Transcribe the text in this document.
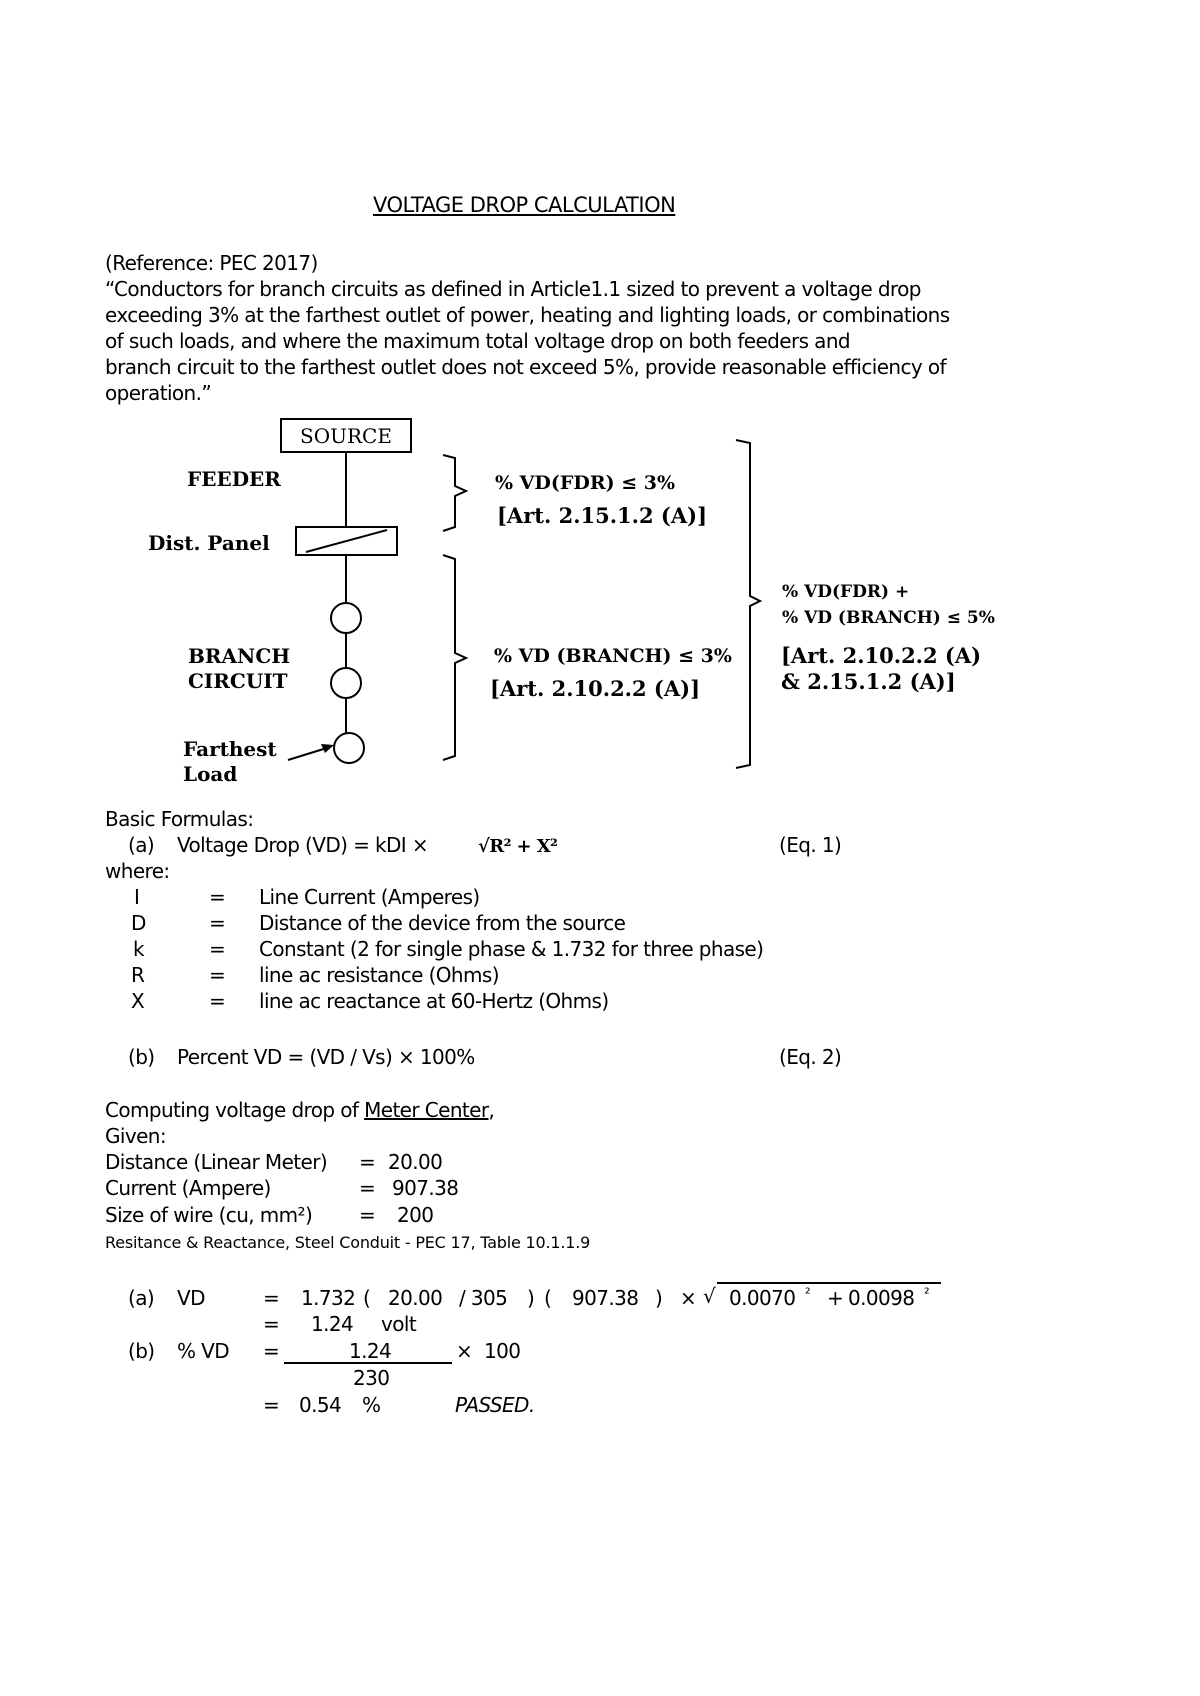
VOLTAGE DROP CALCULATION
(Reference: PEC 2017)
“Conductors for branch circuits as defined in Article1.1 sized to prevent a voltage drop
exceeding 3% at the farthest outlet of power, heating and lighting loads, or combinations
of such loads, and where the maximum total voltage drop on both feeders and
branch circuit to the farthest outlet does not exceed 5%, provide reasonable efficiency of
operation.”
SOURCE
FEEDER
Dist. Panel
BRANCH
CIRCUIT
Farthest
Load
% VD(FDR) ≤ 3%
[Art. 2.15.1.2 (A)]
% VD (BRANCH) ≤ 3%
[Art. 2.10.2.2 (A)]
% VD(FDR) +
% VD (BRANCH) ≤ 5%
[Art. 2.10.2.2 (A)
& 2.15.1.2 (A)]
Basic Formulas:
(a) Voltage Drop (VD) = kDI ×	√R² + X²	(Eq. 1)
where:
I	= Line Current (Amperes)
D	= Distance of the device from the source
k	= Constant (2 for single phase & 1.732 for three phase)
R	= line ac resistance (Ohms)
X	= line ac reactance at 60-Hertz (Ohms)
(b) Percent VD = (VD / Vs) × 100%	(Eq. 2)
Computing voltage drop of Meter Center,
Given:
Distance (Linear Meter) = 20.00
Current (Ampere)	= 907.38
Size of wire (cu, mm²) = 200
Resitance & Reactance, Steel Conduit - PEC 17, Table 10.1.1.9
(a) VD	= 1.732 ( 20.00 / 305 ) ( 907.38 ) × √ 0.0070 ² + 0.0098 ²
= 1.24 volt
(b) % VD =	1.24	× 100
230
= 0.54 %	PASSED.
